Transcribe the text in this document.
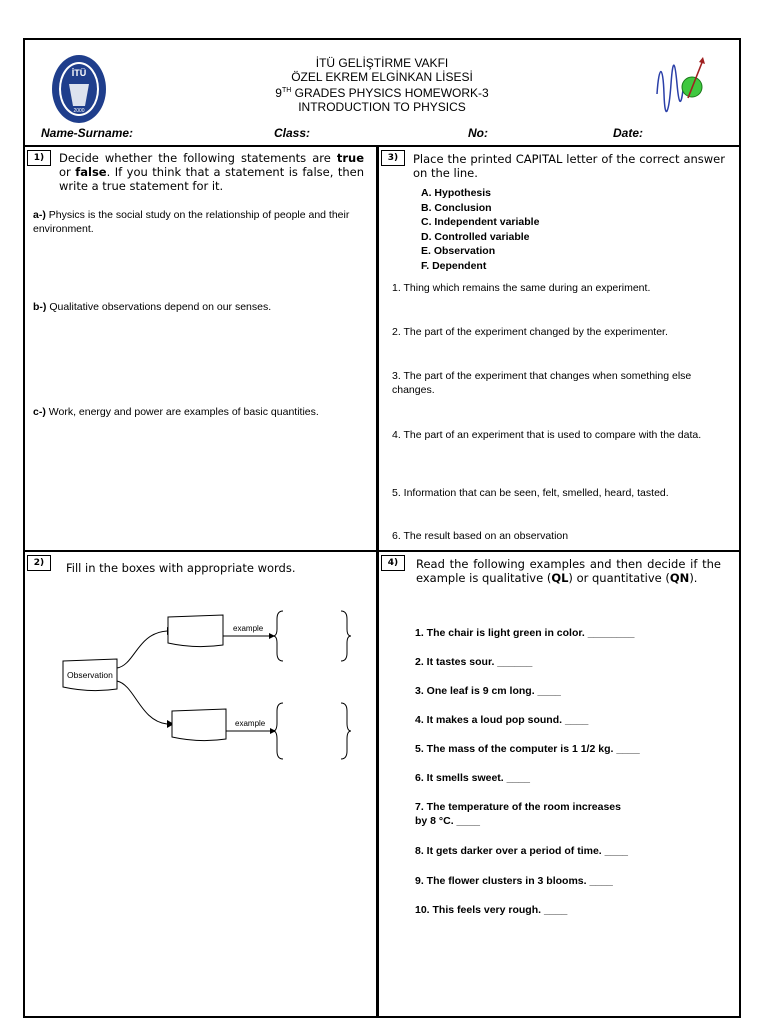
İTÜ
2000
İTÜ GELİŞTİRME VAKFI
ÖZEL EKREM ELGİNKAN LİSESİ
9TH GRADES PHYSICS HOMEWORK-3
INTRODUCTION TO PHYSICS
Name-Surname:	Class:	No:	Date:
1)	Decide whether the following statements are true or false. If you think that a statement is false, then write a true statement for it.
a-) Physics is the social study on the relationship of people and their environment.
b-) Qualitative observations depend on our senses.
c-) Work, energy and power are examples of basic quantities.
3)	Place the printed CAPITAL letter of the correct answer on the line.
A. Hypothesis
B. Conclusion
C. Independent variable
D. Controlled variable
E. Observation
F. Dependent
1. Thing which remains the same during an experiment.
2. The part of the experiment changed by the experimenter.
3. The part of the experiment that changes when something else changes.
4. The part of an experiment that is used to compare with the data.
5. Information that can be seen, felt, smelled, heard, tasted.
6. The result based on an observation
2)	Fill in the boxes with appropriate words.
Observation
example
example
4)	Read the following examples and then decide if the example is qualitative (QL) or quantitative (QN).
1. The chair is light green in color. ________
2. It tastes sour. ______
3. One leaf is 9 cm long. ____
4. It makes a loud pop sound. ____
5. The mass of the computer is 1 1/2 kg. ____
6. It smells sweet. ____
7. The temperature of the room increases
by 8 °C. ____
8. It gets darker over a period of time. ____
9. The flower clusters in 3 blooms. ____
10. This feels very rough. ____
